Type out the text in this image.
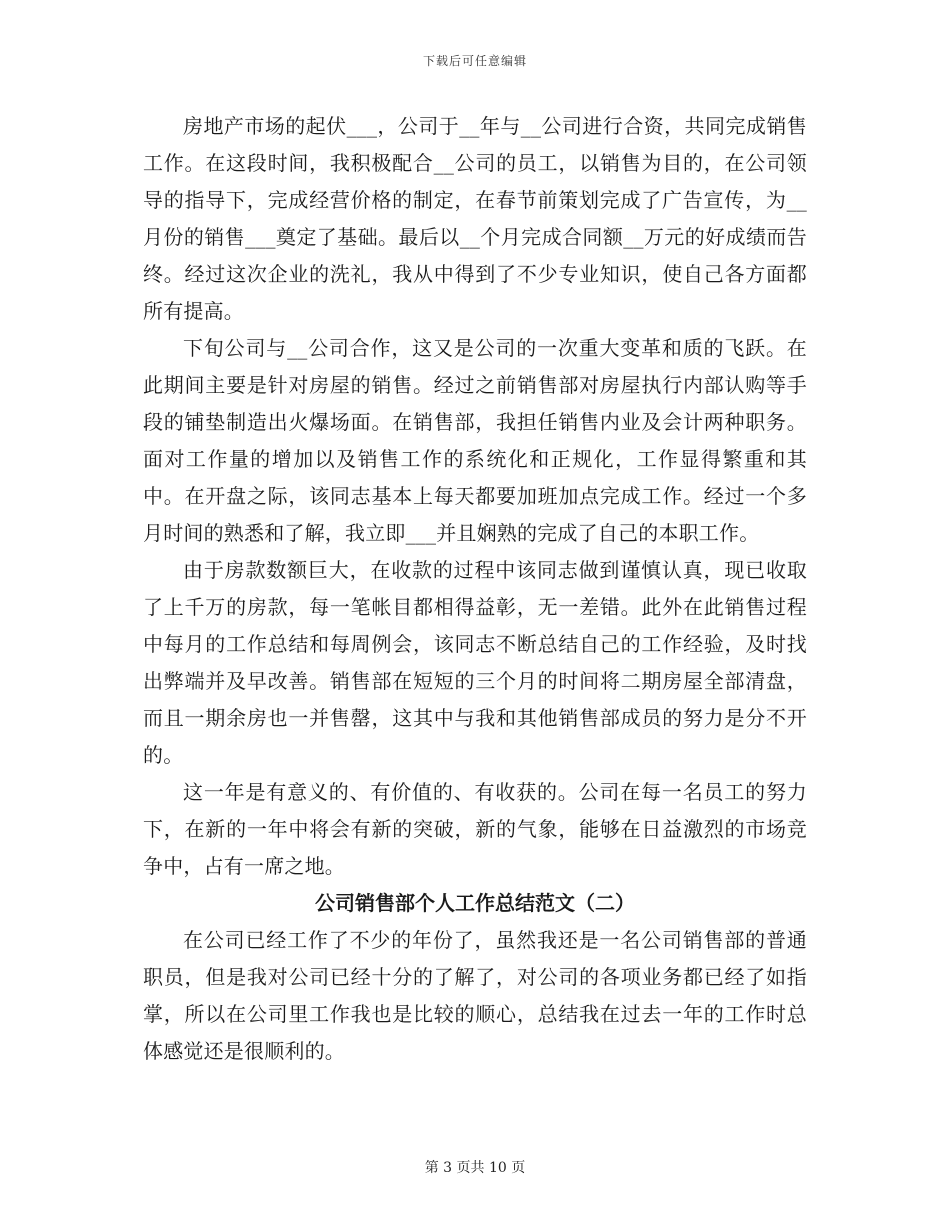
下载后可任意编辑

房地产市场的起伏___，公司于__年与__公司进行合资，共同完成销售工作。在这段时间，我积极配合__公司的员工，以销售为目的，在公司领导的指导下，完成经营价格的制定，在春节前策划完成了广告宣传，为__月份的销售___奠定了基础。最后以__个月完成合同额__万元的好成绩而告终。经过这次企业的洗礼，我从中得到了不少专业知识，使自己各方面都所有提高。

下旬公司与__公司合作，这又是公司的一次重大变革和质的飞跃。在此期间主要是针对房屋的销售。经过之前销售部对房屋执行内部认购等手段的铺垫制造出火爆场面。在销售部，我担任销售内业及会计两种职务。面对工作量的增加以及销售工作的系统化和正规化，工作显得繁重和其中。在开盘之际，该同志基本上每天都要加班加点完成工作。经过一个多月时间的熟悉和了解，我立即___并且娴熟的完成了自己的本职工作。

由于房款数额巨大，在收款的过程中该同志做到谨慎认真，现已收取了上千万的房款，每一笔帐目都相得益彰，无一差错。此外在此销售过程中每月的工作总结和每周例会，该同志不断总结自己的工作经验，及时找出弊端并及早改善。销售部在短短的三个月的时间将二期房屋全部清盘，而且一期余房也一并售罄，这其中与我和其他销售部成员的努力是分不开的。

这一年是有意义的、有价值的、有收获的。公司在每一名员工的努力下，在新的一年中将会有新的突破，新的气象，能够在日益激烈的市场竞争中，占有一席之地。

公司销售部个人工作总结范文（二）

在公司已经工作了不少的年份了，虽然我还是一名公司销售部的普通职员，但是我对公司已经十分的了解了，对公司的各项业务都已经了如指掌，所以在公司里工作我也是比较的顺心，总结我在过去一年的工作时总体感觉还是很顺利的。

第 3 页共 10 页
